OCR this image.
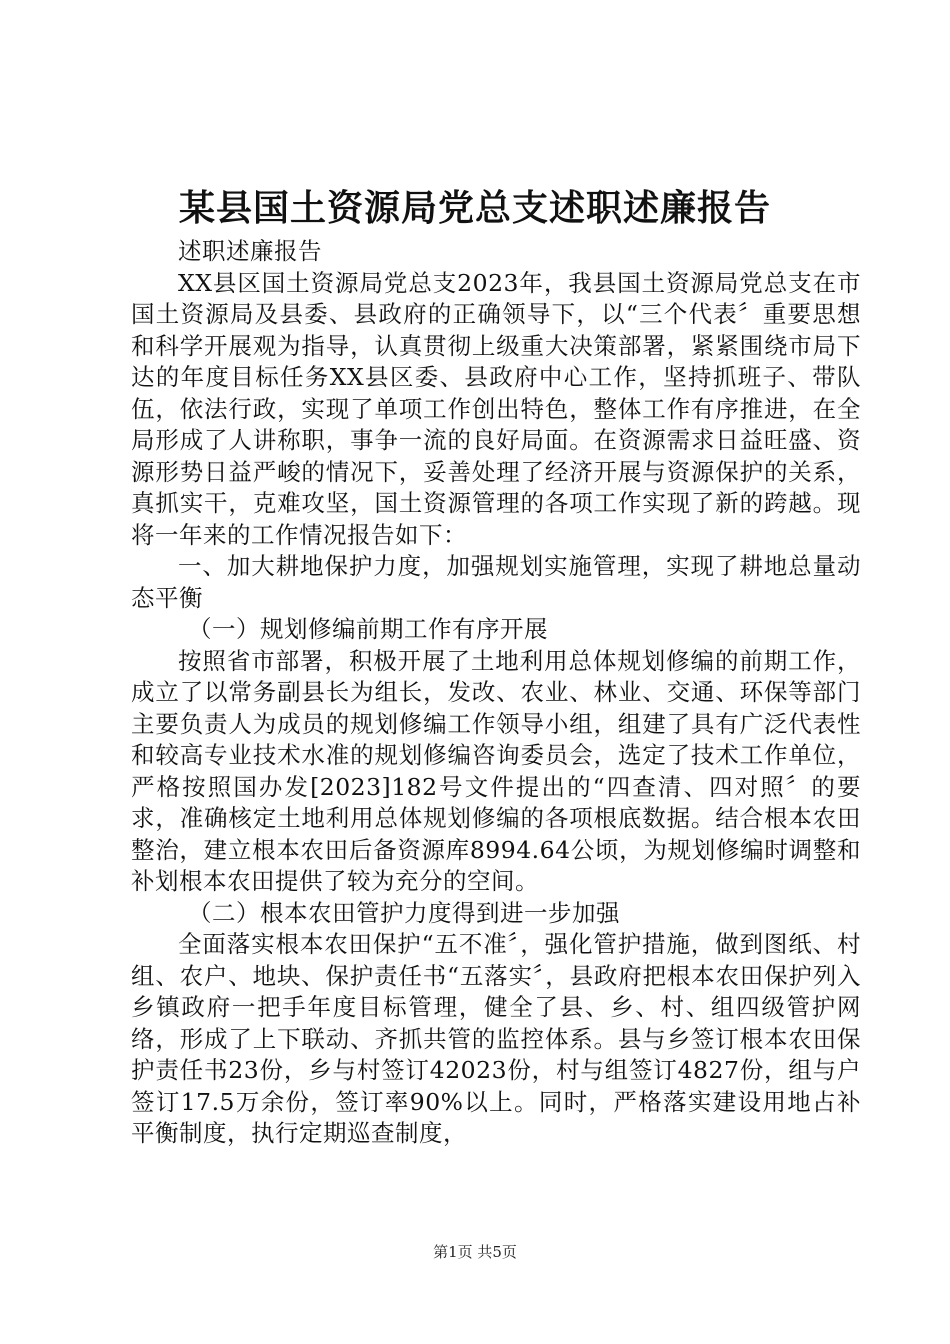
某县国土资源局党总支述职述廉报告

述职述廉报告

XX县区国土资源局党总支2023年，我县国土资源局党总支在市国土资源局及县委、县政府的正确领导下，以“三个代表〞重要思想和科学开展观为指导，认真贯彻上级重大决策部署，紧紧围绕市局下达的年度目标任务XX县区委、县政府中心工作，坚持抓班子、带队伍，依法行政，实现了单项工作创出特色，整体工作有序推进，在全局形成了人讲称职，事争一流的良好局面。在资源需求日益旺盛、资源形势日益严峻的情况下，妥善处理了经济开展与资源保护的关系，真抓实干，克难攻坚，国土资源管理的各项工作实现了新的跨越。现将一年来的工作情况报告如下：

一、加大耕地保护力度，加强规划实施管理，实现了耕地总量动态平衡

（一）规划修编前期工作有序开展

按照省市部署，积极开展了土地利用总体规划修编的前期工作，成立了以常务副县长为组长，发改、农业、林业、交通、环保等部门主要负责人为成员的规划修编工作领导小组，组建了具有广泛代表性和较高专业技术水准的规划修编咨询委员会，选定了技术工作单位，严格按照国办发[2023]182号文件提出的“四查清、四对照〞的要求，准确核定土地利用总体规划修编的各项根底数据。结合根本农田整治，建立根本农田后备资源库8994.64公顷，为规划修编时调整和补划根本农田提供了较为充分的空间。

（二）根本农田管护力度得到进一步加强

全面落实根本农田保护“五不准〞，强化管护措施，做到图纸、村组、农户、地块、保护责任书“五落实〞，县政府把根本农田保护列入乡镇政府一把手年度目标管理，健全了县、乡、村、组四级管护网络，形成了上下联动、齐抓共管的监控体系。县与乡签订根本农田保护责任书23份，乡与村签订42023份，村与组签订4827份，组与户签订17.5万余份，签订率90%以上。同时，严格落实建设用地占补平衡制度，执行定期巡查制度，

第1页 共5页
